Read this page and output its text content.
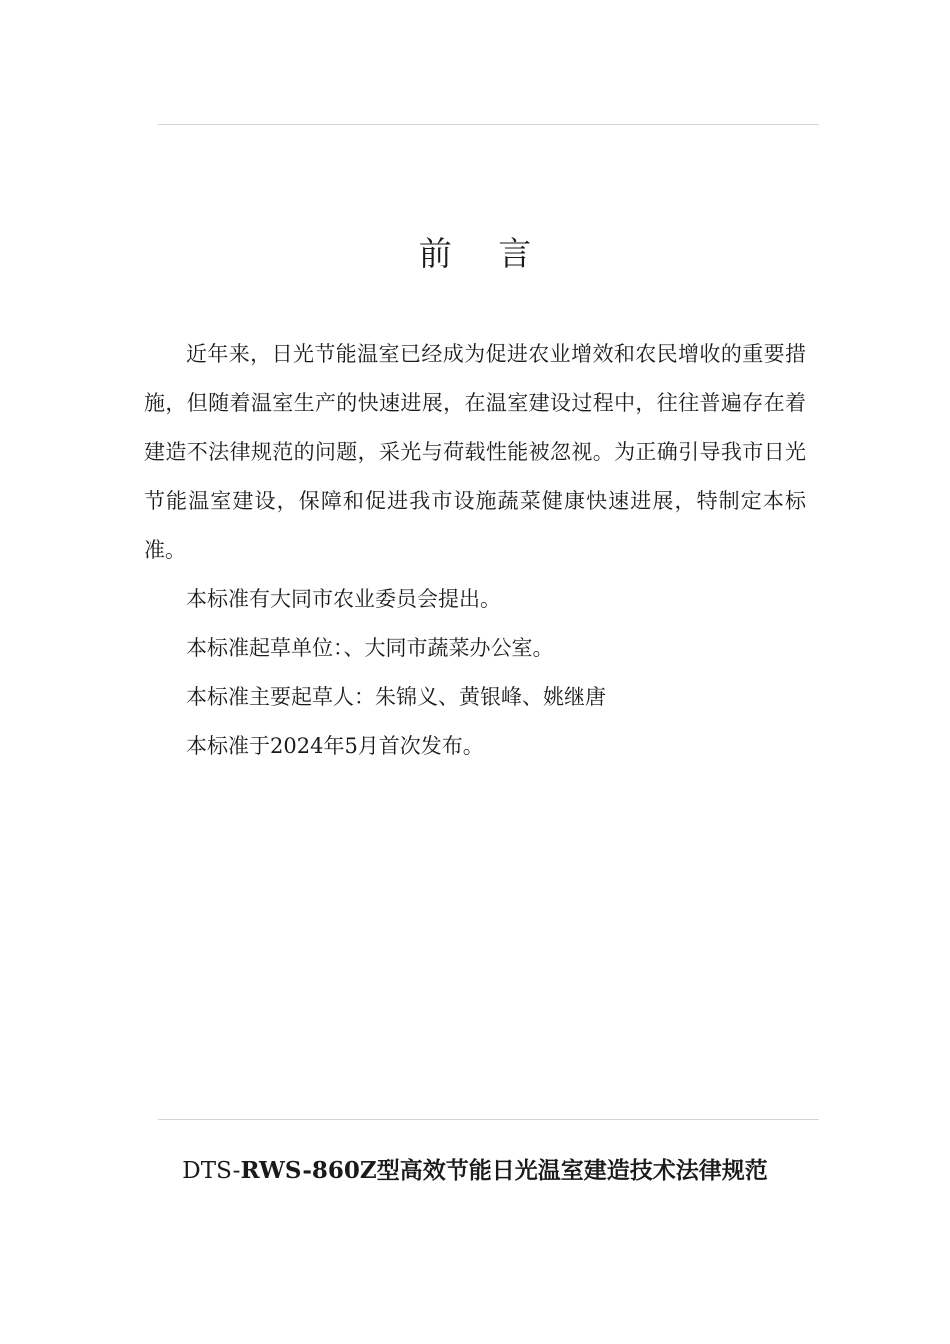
前 言

近年来，日光节能温室已经成为促进农业增效和农民增收的重要措施，但随着温室生产的快速进展，在温室建设过程中，往往普遍存在着建造不法律规范的问题，采光与荷载性能被忽视。为正确引导我市日光节能温室建设，保障和促进我市设施蔬菜健康快速进展，特制定本标准。

本标准有大同市农业委员会提出。

本标准起草单位：、大同市蔬菜办公室。

本标准主要起草人：朱锦义、黄银峰、姚继唐

本标准于2024年5月首次发布。

DTS-RWS-860Z型高效节能日光温室建造技术法律规范
